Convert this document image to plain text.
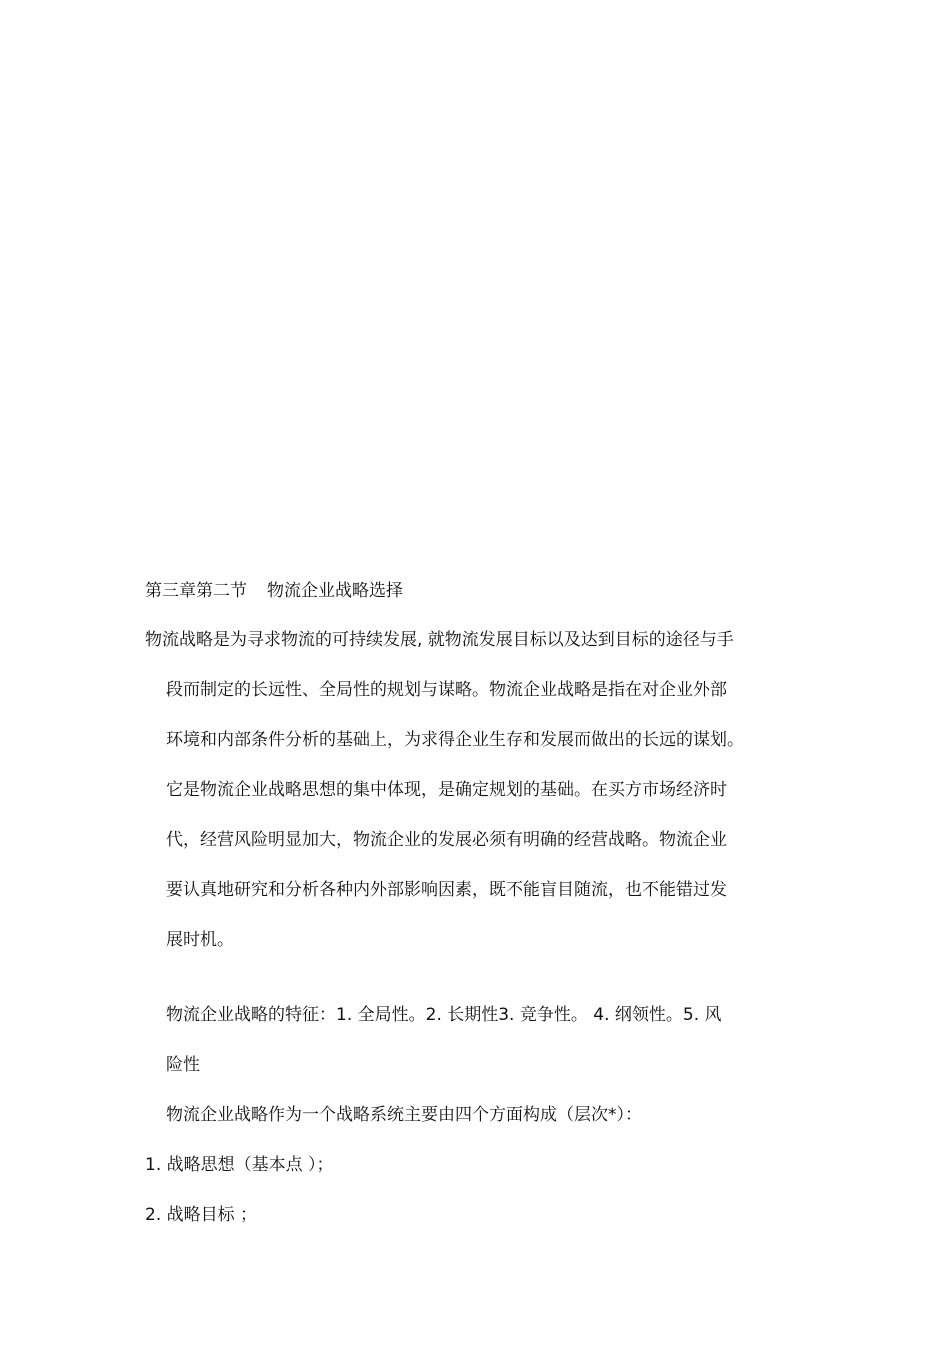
第三章第二节 物流企业战略选择
物流战略是为寻求物流的可持续发展, 就物流发展目标以及达到目标的途径与手
段而制定的长远性、全局性的规划与谋略。物流企业战略是指在对企业外部
环境和内部条件分析的基础上，为求得企业生存和发展而做出的长远的谋划。
它是物流企业战略思想的集中体现，是确定规划的基础。在买方市场经济时
代，经营风险明显加大，物流企业的发展必须有明确的经营战略。物流企业
要认真地研究和分析各种内外部影响因素，既不能盲目随流，也不能错过发
展时机。
物流企业战略的特征：1. 全局性。2. 长期性3. 竞争性。 4. 纲领性。5. 风
险性
物流企业战略作为一个战略系统主要由四个方面构成（层次*）：
1. 战略思想（基本点 ）；
2. 战略目标 ；
